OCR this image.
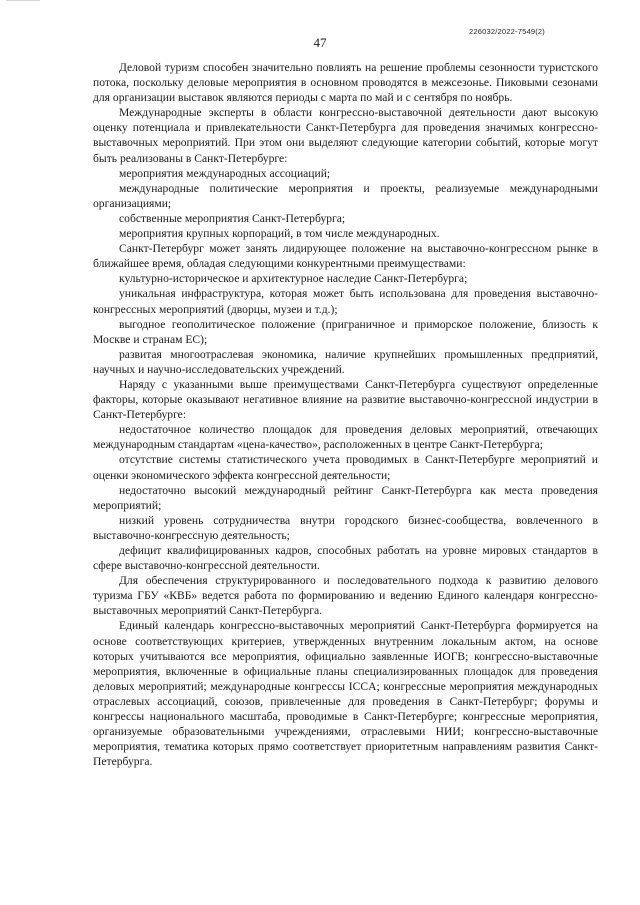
226032/2022-7549(2)
47

Деловой туризм способен значительно повлиять на решение проблемы сезонности туристского потока, поскольку деловые мероприятия в основном проводятся в межсезонье. Пиковыми сезонами для организации выставок являются периоды с марта по май и с сентября по ноябрь.

Международные эксперты в области конгрессно-выставочной деятельности дают высокую оценку потенциала и привлекательности Санкт-Петербурга для проведения значимых конгрессно-выставочных мероприятий. При этом они выделяют следующие категории событий, которые могут быть реализованы в Санкт-Петербурге:

мероприятия международных ассоциаций;

международные политические мероприятия и проекты, реализуемые международными организациями;

собственные мероприятия Санкт-Петербурга;

мероприятия крупных корпораций, в том числе международных.

Санкт-Петербург может занять лидирующее положение на выставочно-конгрессном рынке в ближайшее время, обладая следующими конкурентными преимуществами:

культурно-историческое и архитектурное наследие Санкт-Петербурга;

уникальная инфраструктура, которая может быть использована для проведения выставочно-конгрессных мероприятий (дворцы, музеи и т.д.);

выгодное геополитическое положение (приграничное и приморское положение, близость к Москве и странам ЕС);

развитая многоотраслевая экономика, наличие крупнейших промышленных предприятий, научных и научно-исследовательских учреждений.

Наряду с указанными выше преимуществами Санкт-Петербурга существуют определенные факторы, которые оказывают негативное влияние на развитие выставочно-конгрессной индустрии в Санкт-Петербурге:

недостаточное количество площадок для проведения деловых мероприятий, отвечающих международным стандартам «цена-качество», расположенных в центре Санкт-Петербурга;

отсутствие системы статистического учета проводимых в Санкт-Петербурге мероприятий и оценки экономического эффекта конгрессной деятельности;

недостаточно высокий международный рейтинг Санкт-Петербурга как места проведения мероприятий;

низкий уровень сотрудничества внутри городского бизнес-сообщества, вовлеченного в выставочно-конгрессную деятельность;

дефицит квалифицированных кадров, способных работать на уровне мировых стандартов в сфере выставочно-конгрессной деятельности.

Для обеспечения структурированного и последовательного подхода к развитию делового туризма ГБУ «КВБ» ведется работа по формированию и ведению Единого календаря конгрессно-выставочных мероприятий Санкт-Петербурга.

Единый календарь конгрессно-выставочных мероприятий Санкт-Петербурга формируется на основе соответствующих критериев, утвержденных внутренним локальным актом, на основе которых учитываются все мероприятия, официально заявленные ИОГВ; конгрессно-выставочные мероприятия, включенные в официальные планы специализированных площадок для проведения деловых мероприятий; международные конгрессы ICCA; конгрессные мероприятия международных отраслевых ассоциаций, союзов, привлеченные для проведения в Санкт-Петербург; форумы и конгрессы национального масштаба, проводимые в Санкт-Петербурге; конгрессные мероприятия, организуемые образовательными учреждениями, отраслевыми НИИ; конгрессно-выставочные мероприятия, тематика которых прямо соответствует приоритетным направлениям развития Санкт-Петербурга.
